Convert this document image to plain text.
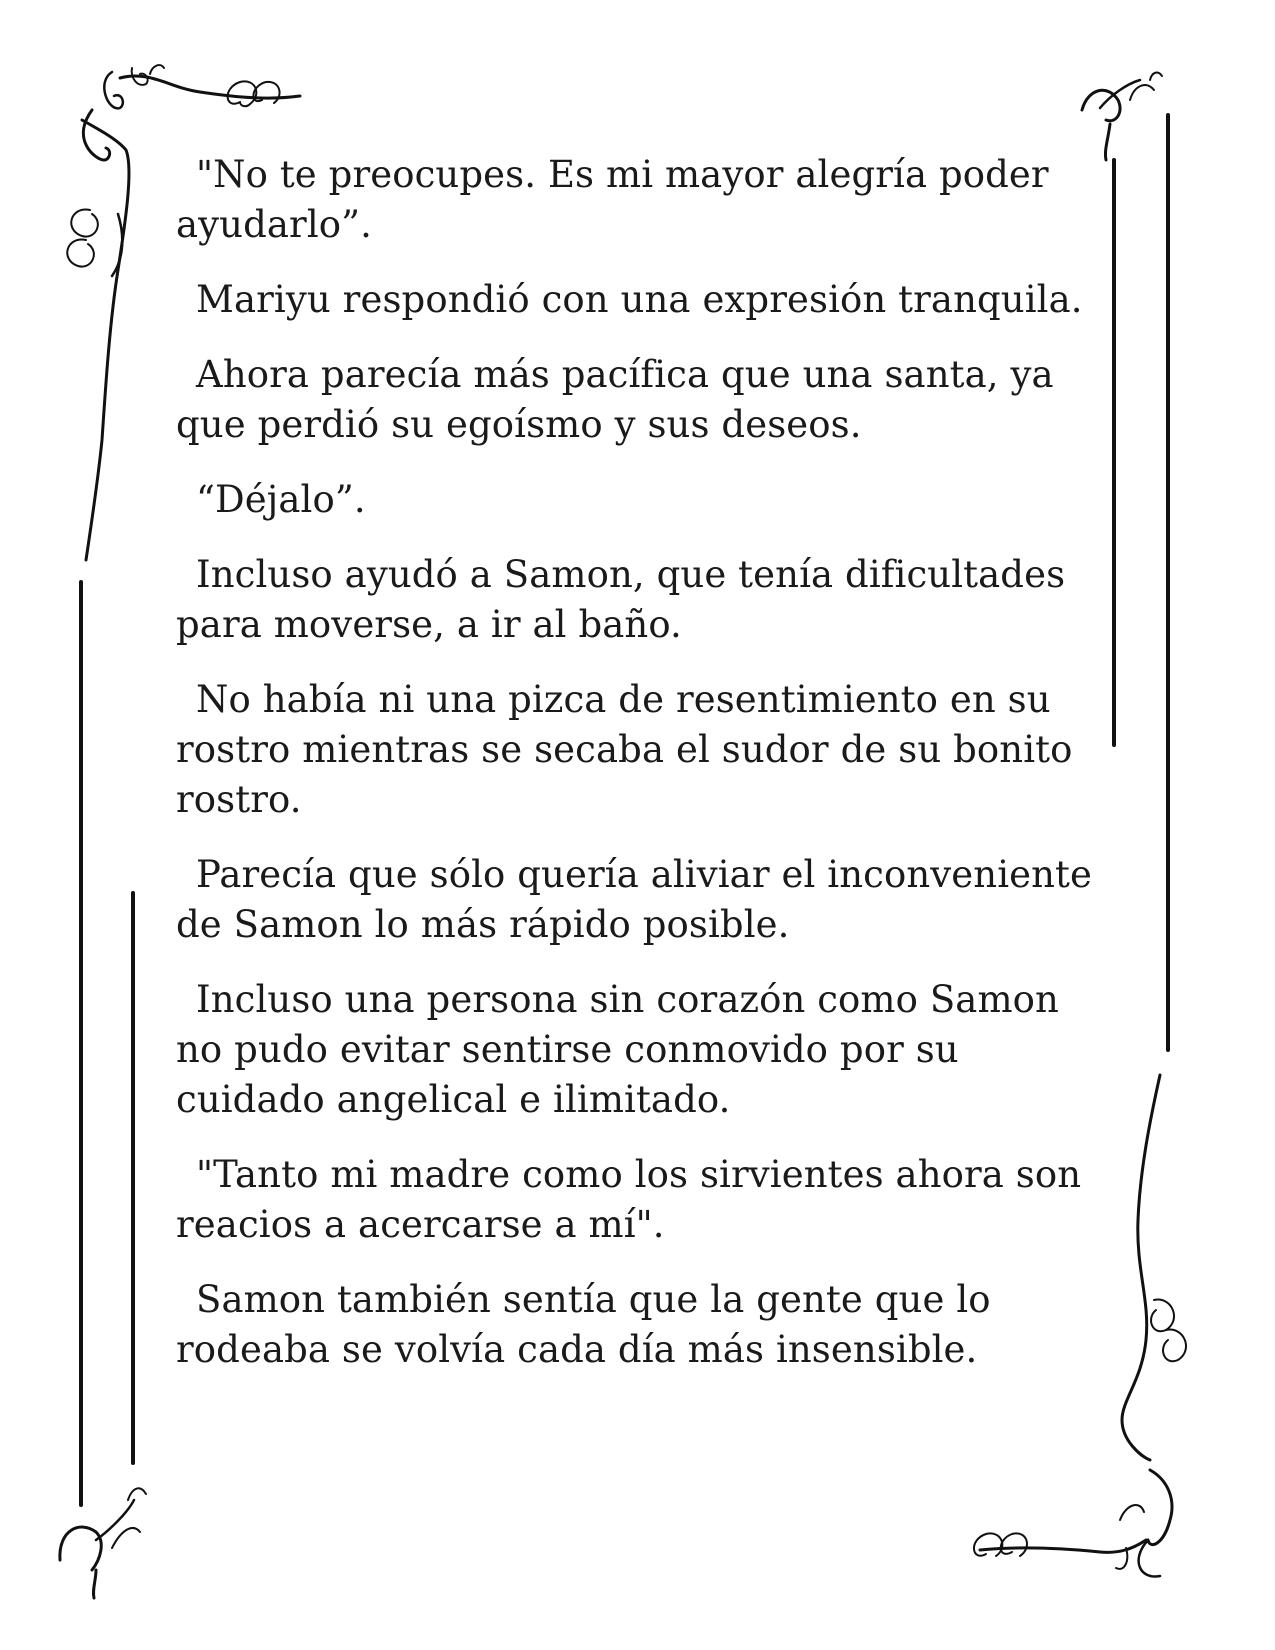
"No te preocupes. Es mi mayor alegría poder ayudarlo”.

Mariyu respondió con una expresión tranquila.

Ahora parecía más pacífica que una santa, ya que perdió su egoísmo y sus deseos.

“Déjalo”.

Incluso ayudó a Samon, que tenía dificultades para moverse, a ir al baño.

No había ni una pizca de resentimiento en su rostro mientras se secaba el sudor de su bonito rostro.

Parecía que sólo quería aliviar el inconveniente de Samon lo más rápido posible.

Incluso una persona sin corazón como Samon no pudo evitar sentirse conmovido por su cuidado angelical e ilimitado.

"Tanto mi madre como los sirvientes ahora son reacios a acercarse a mí".

Samon también sentía que la gente que lo rodeaba se volvía cada día más insensible.
